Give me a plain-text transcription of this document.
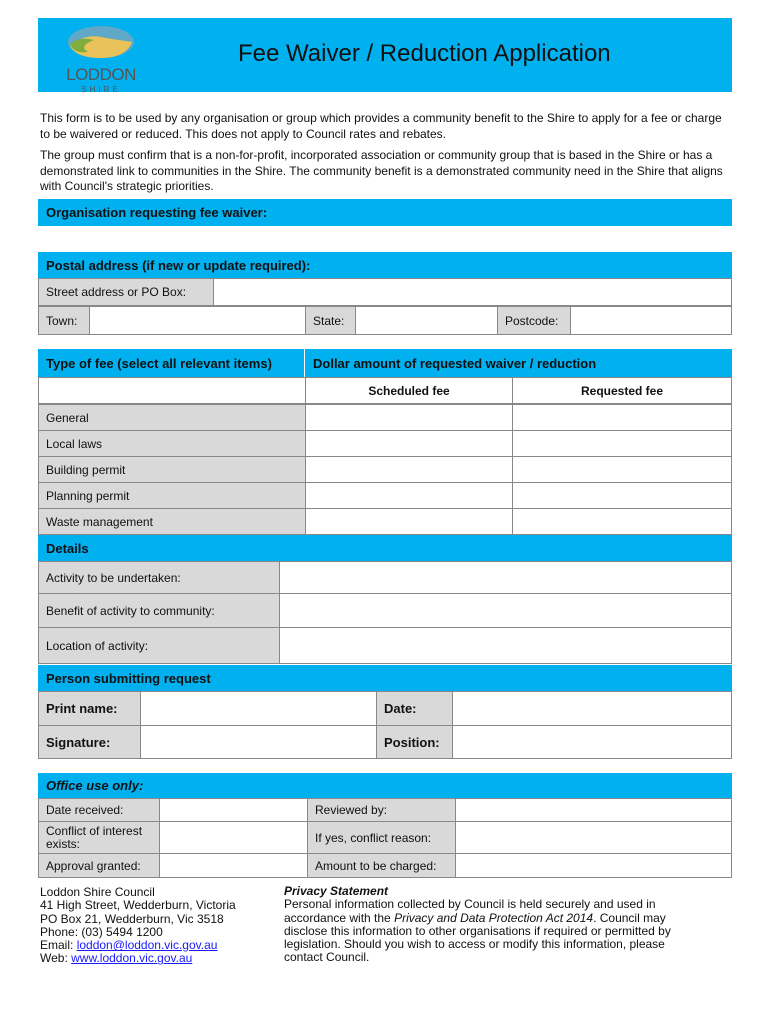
LODDON
SHIRE
Fee Waiver / Reduction Application
This form is to be used by any organisation or group which provides a community benefit to the Shire to apply for a fee or charge to be waivered or reduced. This does not apply to Council rates and rebates.
The group must confirm that is a non-for-profit, incorporated association or community group that is based in the Shire or has a demonstrated link to communities in the Shire. The community benefit is a demonstrated community need in the Shire that aligns with Council's strategic priorities.
Organisation requesting fee waiver:
Postal address (if new or update required):
Street address or PO Box:
Town:	State:	Postcode:
Type of fee (select all relevant items)	Dollar amount of requested waiver / reduction
Scheduled fee	Requested fee
General
Local laws
Building permit
Planning permit
Waste management
Details
Activity to be undertaken:
Benefit of activity to community:
Location of activity:
Person submitting request
Print name:	Date:
Signature:	Position:
Office use only:
Date received:	Reviewed by:
Conflict of interest exists:	If yes, conflict reason:
Approval granted:	Amount to be charged:
Loddon Shire Council
41 High Street, Wedderburn, Victoria
PO Box 21, Wedderburn, Vic 3518
Phone: (03) 5494 1200
Email: loddon@loddon.vic.gov.au
Web: www.loddon.vic.gov.au
Privacy Statement
Personal information collected by Council is held securely and used in accordance with the Privacy and Data Protection Act 2014. Council may disclose this information to other organisations if required or permitted by legislation. Should you wish to access or modify this information, please contact Council.
